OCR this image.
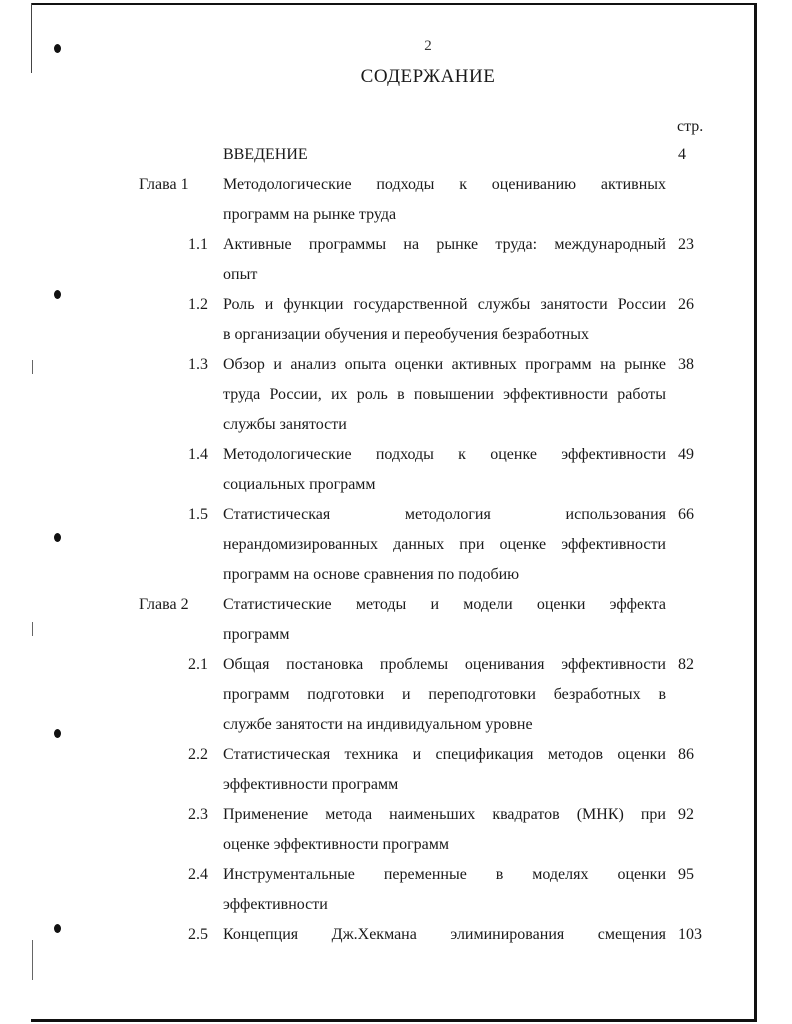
2
СОДЕРЖАНИЕ
стр.
ВВЕДЕНИЕ	4
Глава 1 Методологические подходы к оцениванию активных
программ на рынке труда
1.1 Активные программы на рынке труда: международный
опыт
23
1.2 Роль и функции государственной службы занятости России
в организации обучения и переобучения безработных
26
1.3 Обзор и анализ опыта оценки активных программ на рынке
труда России, их роль в повышении эффективности работы
службы занятости
38
1.4 Методологические подходы к оценке эффективности
социальных программ
49
1.5 Статистическая методология использования
нерандомизированных данных при оценке эффективности
программ на основе сравнения по подобию
66
Глава 2 Статистические методы и модели оценки эффекта
программ
2.1 Общая постановка проблемы оценивания эффективности
программ подготовки и переподготовки безработных в
службе занятости на индивидуальном уровне
82
2.2 Статистическая техника и спецификация методов оценки
эффективности программ
86
2.3 Применение метода наименьших квадратов (МНК) при
оценке эффективности программ
92
2.4 Инструментальные переменные в моделях оценки
эффективности
95
2.5 Концепция Дж.Хекмана элиминирования смещения 103
